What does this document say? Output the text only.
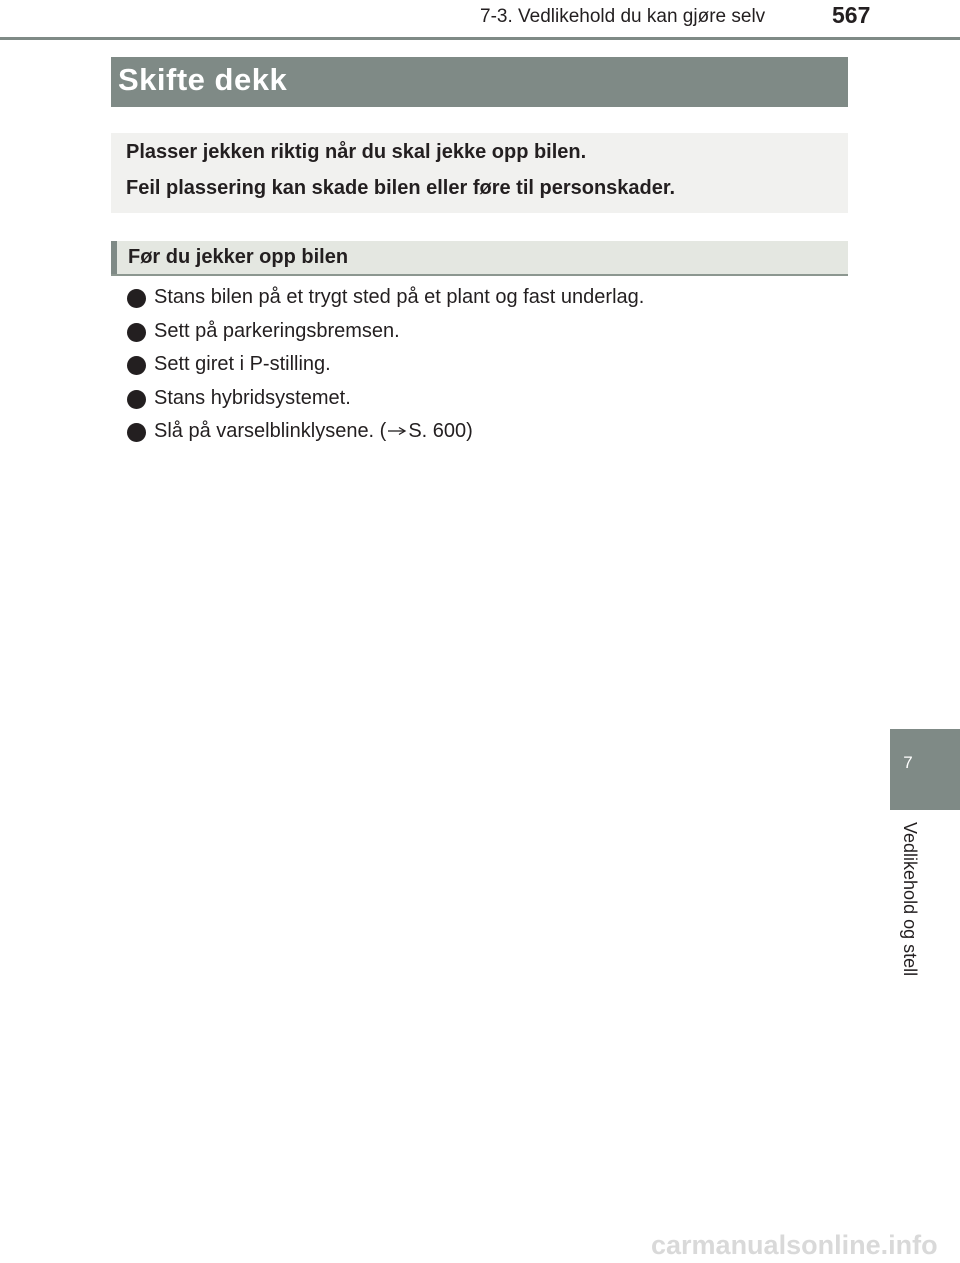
7-3. Vedlikehold du kan gjøre selv	567
Skifte dekk
Plasser jekken riktig når du skal jekke opp bilen.
Feil plassering kan skade bilen eller føre til personskader.
Før du jekker opp bilen
Stans bilen på et trygt sted på et plant og fast underlag.
Sett på parkeringsbremsen.
Sett giret i P-stilling.
Stans hybridsystemet.
Slå på varselblinklysene. ( S. 600)
7
Vedlikehold og stell
carmanualsonline.info
